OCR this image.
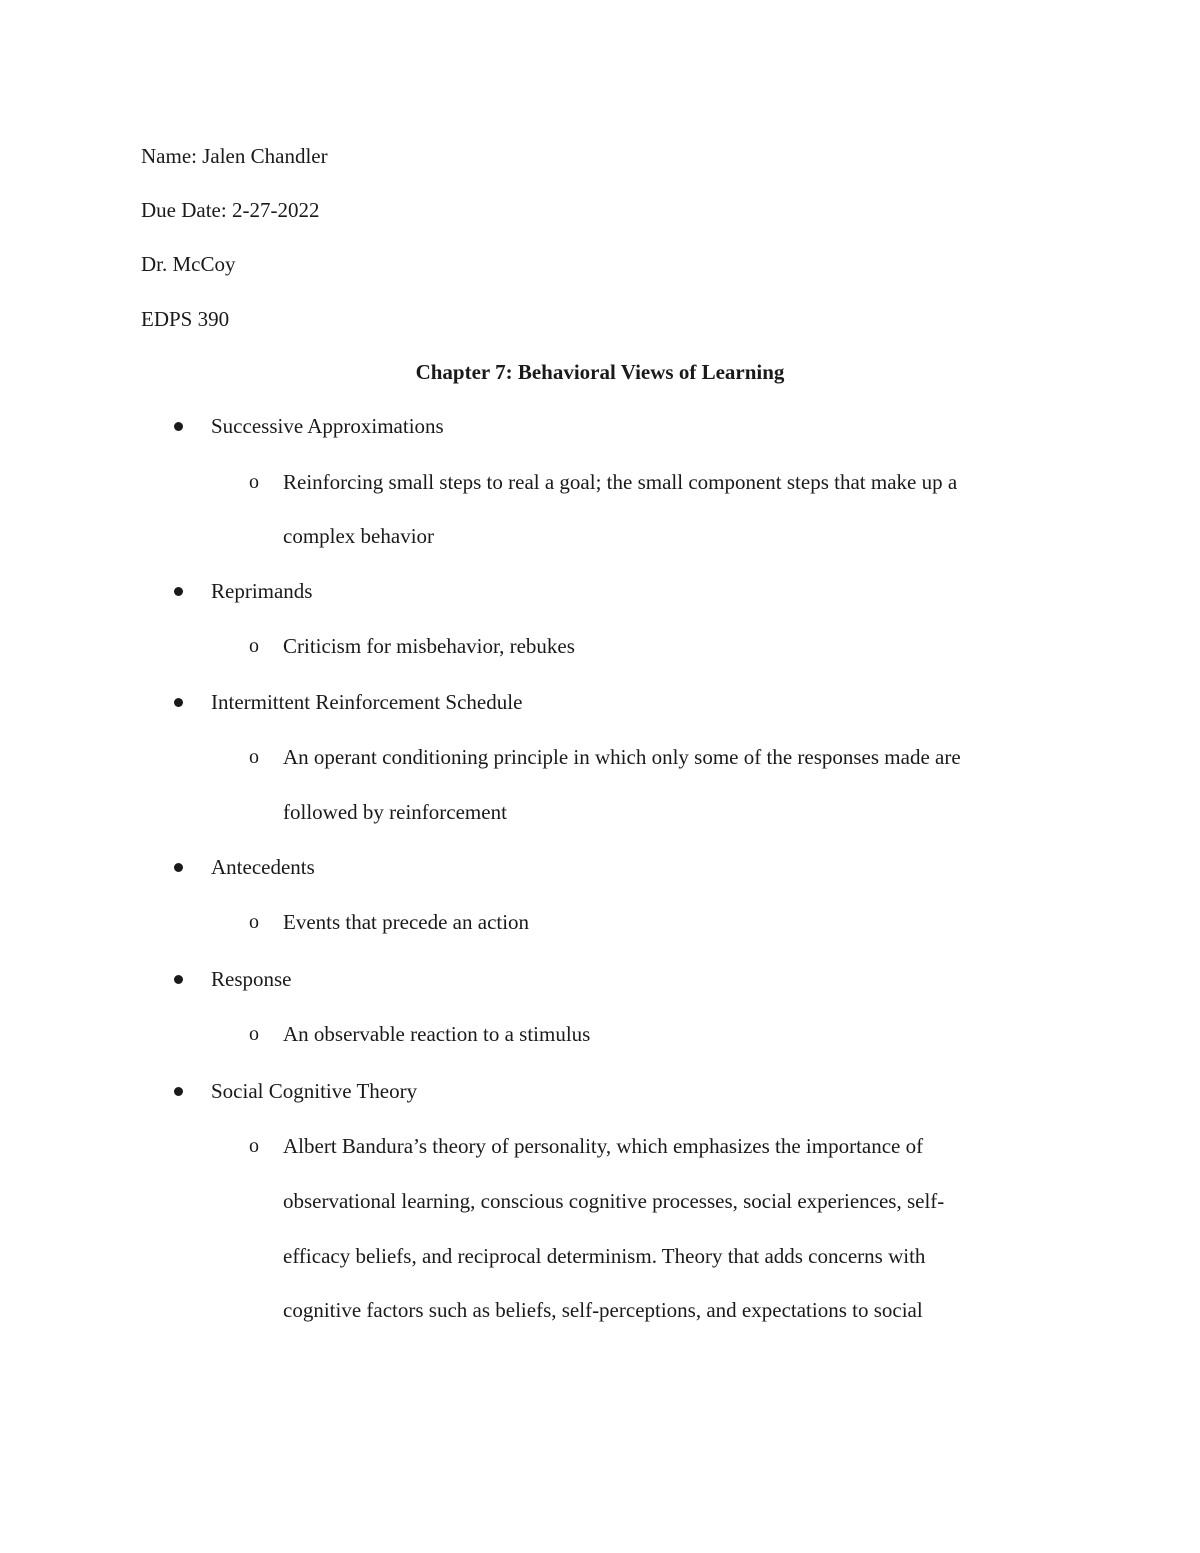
Name: Jalen Chandler
Due Date: 2-27-2022
Dr. McCoy
EDPS 390
Chapter 7: Behavioral Views of Learning
Successive Approximations
o Reinforcing small steps to real a goal; the small component steps that make up a
complex behavior
Reprimands
o Criticism for misbehavior, rebukes
Intermittent Reinforcement Schedule
o An operant conditioning principle in which only some of the responses made are
followed by reinforcement
Antecedents
o Events that precede an action
Response
o An observable reaction to a stimulus
Social Cognitive Theory
o Albert Bandura’s theory of personality, which emphasizes the importance of
observational learning, conscious cognitive processes, social experiences, self-
efficacy beliefs, and reciprocal determinism. Theory that adds concerns with
cognitive factors such as beliefs, self-perceptions, and expectations to social
